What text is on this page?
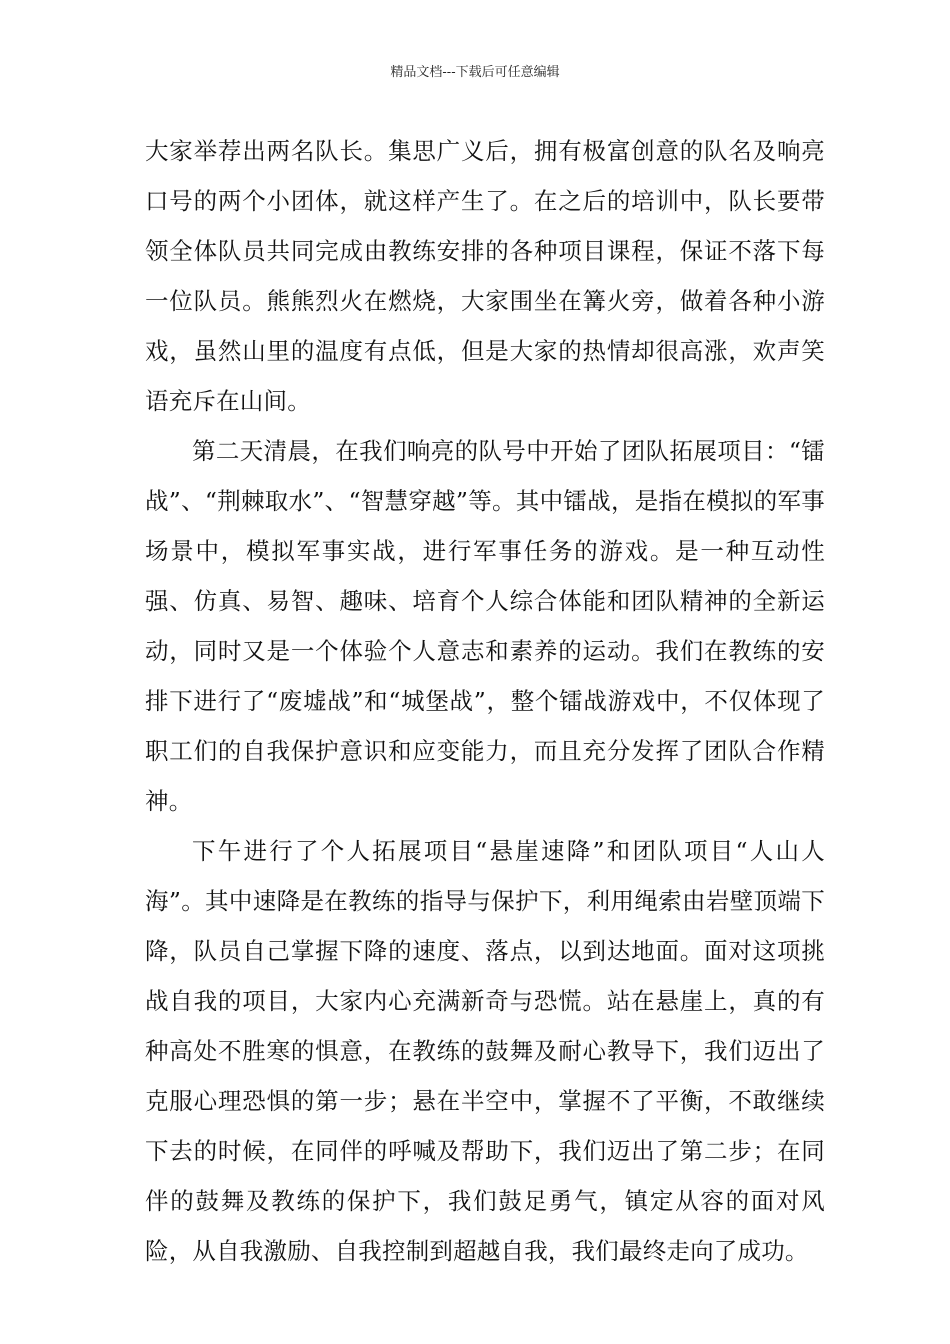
精品文档---下载后可任意编辑

大家举荐出两名队长。集思广义后，拥有极富创意的队名及响亮口号的两个小团体，就这样产生了。在之后的培训中，队长要带领全体队员共同完成由教练安排的各种项目课程，保证不落下每一位队员。熊熊烈火在燃烧，大家围坐在篝火旁，做着各种小游戏，虽然山里的温度有点低，但是大家的热情却很高涨，欢声笑语充斥在山间。

第二天清晨，在我们响亮的队号中开始了团队拓展项目：“镭战”、“荆棘取水”、“智慧穿越”等。其中镭战，是指在模拟的军事场景中，模拟军事实战，进行军事任务的游戏。是一种互动性强、仿真、易智、趣味、培育个人综合体能和团队精神的全新运动，同时又是一个体验个人意志和素养的运动。我们在教练的安排下进行了“废墟战”和“城堡战”，整个镭战游戏中，不仅体现了职工们的自我保护意识和应变能力，而且充分发挥了团队合作精神。

下午进行了个人拓展项目“悬崖速降”和团队项目“人山人海”。其中速降是在教练的指导与保护下，利用绳索由岩壁顶端下降，队员自己掌握下降的速度、落点，以到达地面。面对这项挑战自我的项目，大家内心充满新奇与恐慌。站在悬崖上，真的有种高处不胜寒的惧意，在教练的鼓舞及耐心教导下，我们迈出了克服心理恐惧的第一步；悬在半空中，掌握不了平衡，不敢继续下去的时候，在同伴的呼喊及帮助下，我们迈出了第二步；在同伴的鼓舞及教练的保护下，我们鼓足勇气，镇定从容的面对风险，从自我激励、自我控制到超越自我，我们最终走向了成功。
